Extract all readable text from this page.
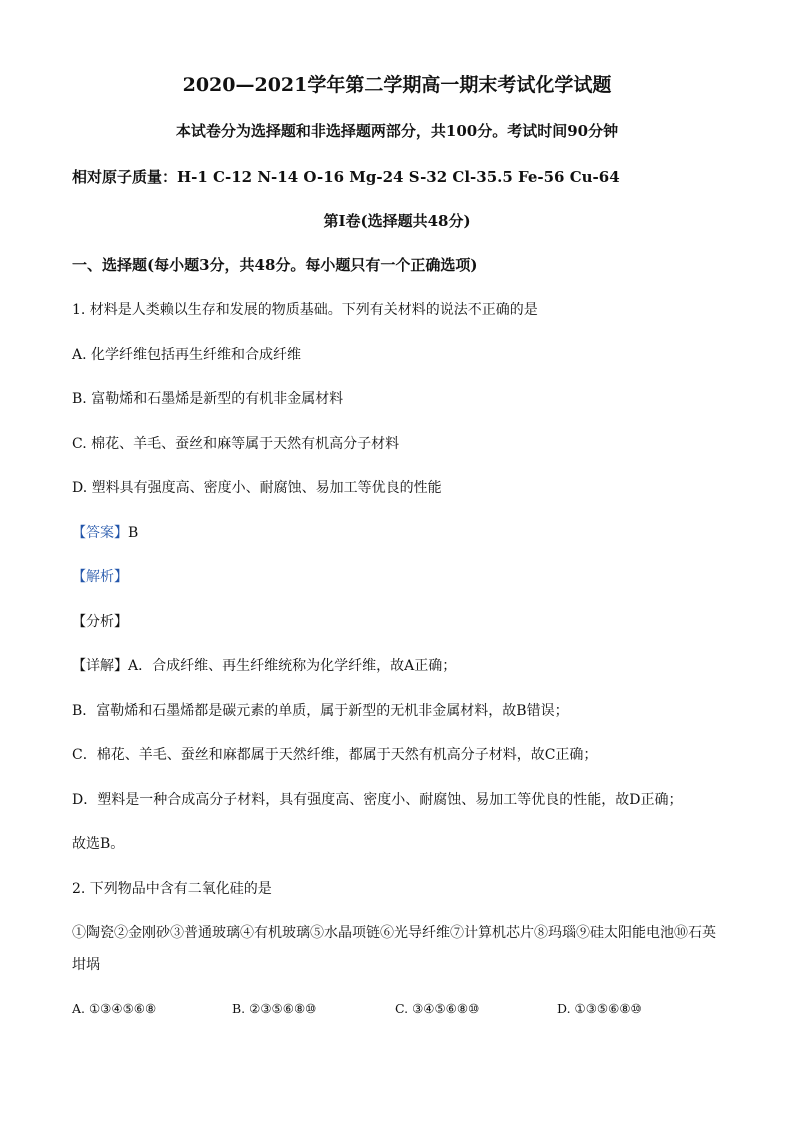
2020—2021学年第二学期高一期末考试化学试题
本试卷分为选择题和非选择题两部分，共100分。考试时间90分钟
相对原子质量：H-1 C-12 N-14 O-16 Mg-24 S-32 Cl-35.5 Fe-56 Cu-64
第I卷(选择题共48分)
一、选择题(每小题3分，共48分。每小题只有一个正确选项)
1. 材料是人类赖以生存和发展的物质基础。下列有关材料的说法不正确的是
A. 化学纤维包括再生纤维和合成纤维
B. 富勒烯和石墨烯是新型的有机非金属材料
C. 棉花、羊毛、蚕丝和麻等属于天然有机高分子材料
D. 塑料具有强度高、密度小、耐腐蚀、易加工等优良的性能
【答案】B
【解析】
【分析】
【详解】A．合成纤维、再生纤维统称为化学纤维，故A正确；
B．富勒烯和石墨烯都是碳元素的单质，属于新型的无机非金属材料，故B错误；
C．棉花、羊毛、蚕丝和麻都属于天然纤维，都属于天然有机高分子材料，故C正确；
D．塑料是一种合成高分子材料，具有强度高、密度小、耐腐蚀、易加工等优良的性能，故D正确；
故选B。
2. 下列物品中含有二氧化硅的是
①陶瓷②金刚砂③普通玻璃④有机玻璃⑤水晶项链⑥光导纤维⑦计算机芯片⑧玛瑙⑨硅太阳能电池⑩石英
坩埚
A. ①③④⑤⑥⑧	B. ②③⑤⑥⑧⑩	C. ③④⑤⑥⑧⑩	D. ①③⑤⑥⑧⑩
